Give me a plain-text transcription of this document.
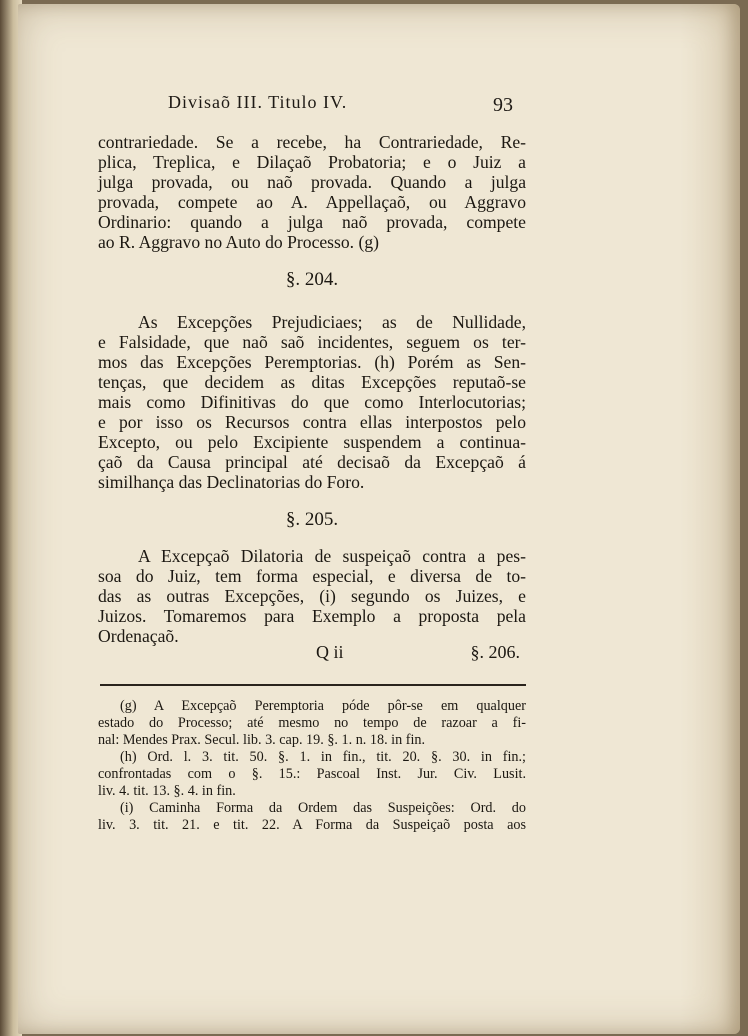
Divisaõ III. Titulo IV.	93
contrariedade. Se a recebe, ha Contrariedade, Re-
plica, Treplica, e Dilaçaõ Probatoria; e o Juiz a
julga provada, ou naõ provada. Quando a julga
provada, compete ao A. Appellaçaõ, ou Aggravo
Ordinario: quando a julga naõ provada, compete
ao R. Aggravo no Auto do Processo. (g)
§. 204.
As Excepções Prejudiciaes; as de Nullidade,
e Falsidade, que naõ saõ incidentes, seguem os ter-
mos das Excepções Peremptorias. (h) Porém as Sen-
tenças, que decidem as ditas Excepções reputaõ-se
mais como Difinitivas do que como Interlocutorias;
e por isso os Recursos contra ellas interpostos pelo
Excepto, ou pelo Excipiente suspendem a continua-
çaõ da Causa principal até decisaõ da Excepçaõ á
similhança das Declinatorias do Foro.
§. 205.
A Excepçaõ Dilatoria de suspeiçaõ contra a pes-
soa do Juiz, tem forma especial, e diversa de to-
das as outras Excepções, (i) segundo os Juizes, e
Juizos. Tomaremos para Exemplo a proposta pela
Ordenaçaõ.
Q ii	§. 206.
(g) A Excepçaõ Peremptoria póde pôr-se em qualquer
estado do Processo; até mesmo no tempo de razoar a fi-
nal: Mendes Prax. Secul. lib. 3. cap. 19. §. 1. n. 18. in fin.
(h) Ord. l. 3. tit. 50. §. 1. in fin., tit. 20. §. 30. in fin.;
confrontadas com o §. 15.: Pascoal Inst. Jur. Civ. Lusit.
liv. 4. tit. 13. §. 4. in fin.
(i) Caminha Forma da Ordem das Suspeições: Ord. do
liv. 3. tit. 21. e tit. 22. A Forma da Suspeiçaõ posta aos
